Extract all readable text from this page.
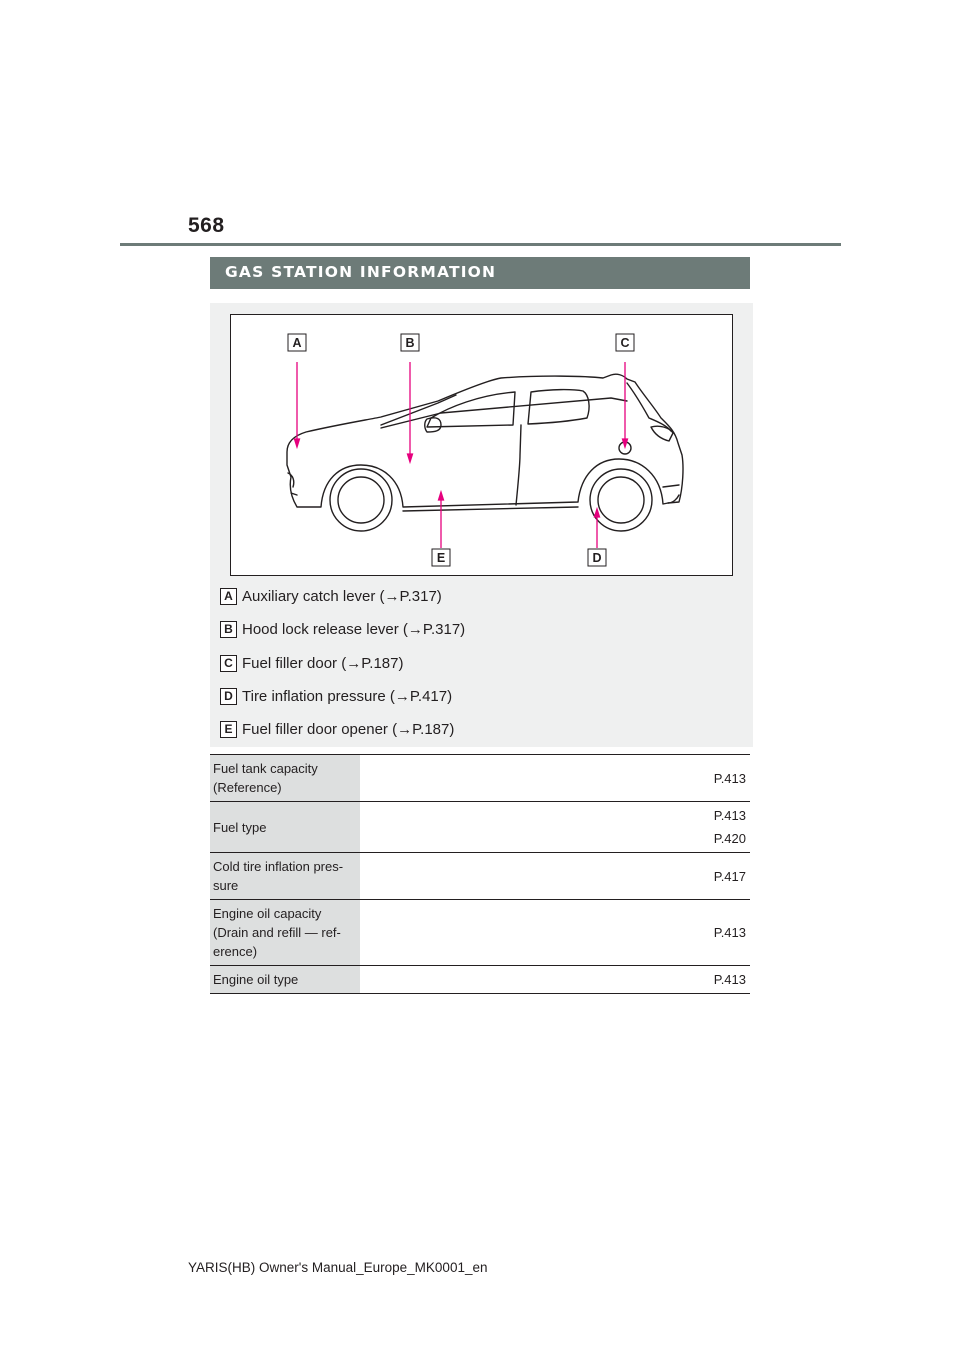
568
GAS STATION INFORMATION
A	B	C
D
E
A Auxiliary catch lever (→P.317)
B Hood lock release lever (→P.317)
C Fuel filler door (→P.187)
D Tire inflation pressure (→P.417)
E Fuel filler door opener (→P.187)
Fuel tank capacity (Reference)	P.413

Fuel type	P.413
P.420

Cold tire inflation pres-sure	P.417

Engine oil capacity (Drain and refill — ref-erence)	P.413

Engine oil type	P.413
YARIS(HB) Owner's Manual_Europe_MK0001_en
